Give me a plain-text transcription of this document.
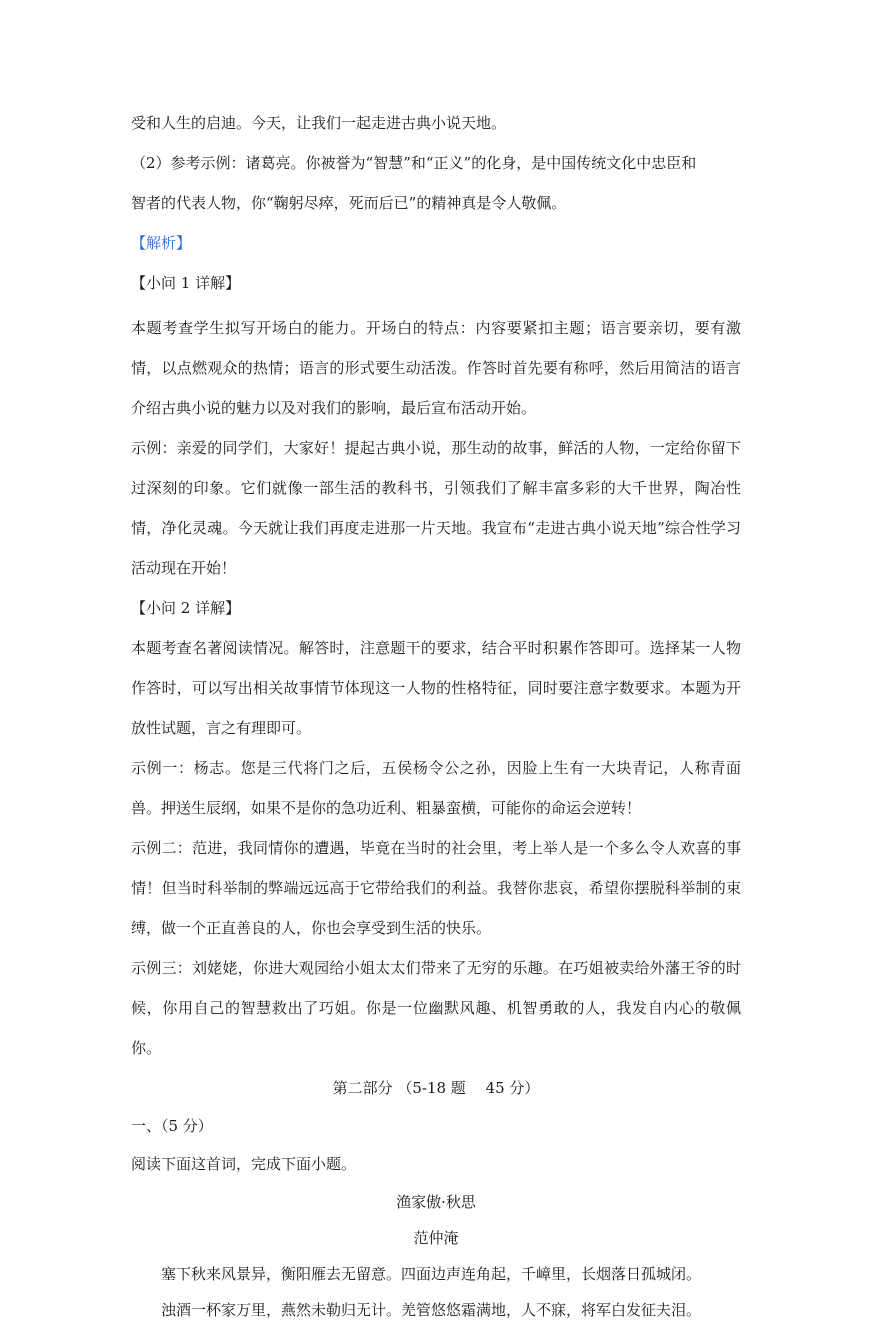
受和人生的启迪。今天，让我们一起走进古典小说天地。

（2）参考示例：诸葛亮。你被誉为“智慧”和“正义”的化身，是中国传统文化中忠臣和

智者的代表人物，你“鞠躬尽瘁，死而后已”的精神真是令人敬佩。

【解析】

【小问 1 详解】

本题考查学生拟写开场白的能力。开场白的特点：内容要紧扣主题；语言要亲切，要有激情，以点燃观众的热情；语言的形式要生动活泼。作答时首先要有称呼，然后用简洁的语言介绍古典小说的魅力以及对我们的影响，最后宣布活动开始。

示例：亲爱的同学们，大家好！提起古典小说，那生动的故事，鲜活的人物，一定给你留下过深刻的印象。它们就像一部生活的教科书，引领我们了解丰富多彩的大千世界，陶冶性情，净化灵魂。今天就让我们再度走进那一片天地。我宣布“走进古典小说天地”综合性学习活动现在开始！

【小问 2 详解】

本题考查名著阅读情况。解答时，注意题干的要求，结合平时积累作答即可。选择某一人物作答时，可以写出相关故事情节体现这一人物的性格特征，同时要注意字数要求。本题为开放性试题，言之有理即可。

示例一：杨志。您是三代将门之后，五侯杨令公之孙，因脸上生有一大块青记，人称青面兽。押送生辰纲，如果不是你的急功近利、粗暴蛮横，可能你的命运会逆转！

示例二：范进，我同情你的遭遇，毕竟在当时的社会里，考上举人是一个多么令人欢喜的事情！但当时科举制的弊端远远高于它带给我们的利益。我替你悲哀，希望你摆脱科举制的束缚，做一个正直善良的人，你也会享受到生活的快乐。

示例三：刘姥姥，你进大观园给小姐太太们带来了无穷的乐趣。在巧姐被卖给外藩王爷的时候，你用自己的智慧救出了巧姐。你是一位幽默风趣、机智勇敢的人，我发自内心的敬佩你。

第二部分 （5-18 题　 45 分）

一、（5 分）

阅读下面这首词，完成下面小题。

渔家傲·秋思

范仲淹

塞下秋来风景异，衡阳雁去无留意。四面边声连角起，千嶂里，长烟落日孤城闭。

浊酒一杯家万里，燕然未勒归无计。羌管悠悠霜满地，人不寐，将军白发征夫泪。
